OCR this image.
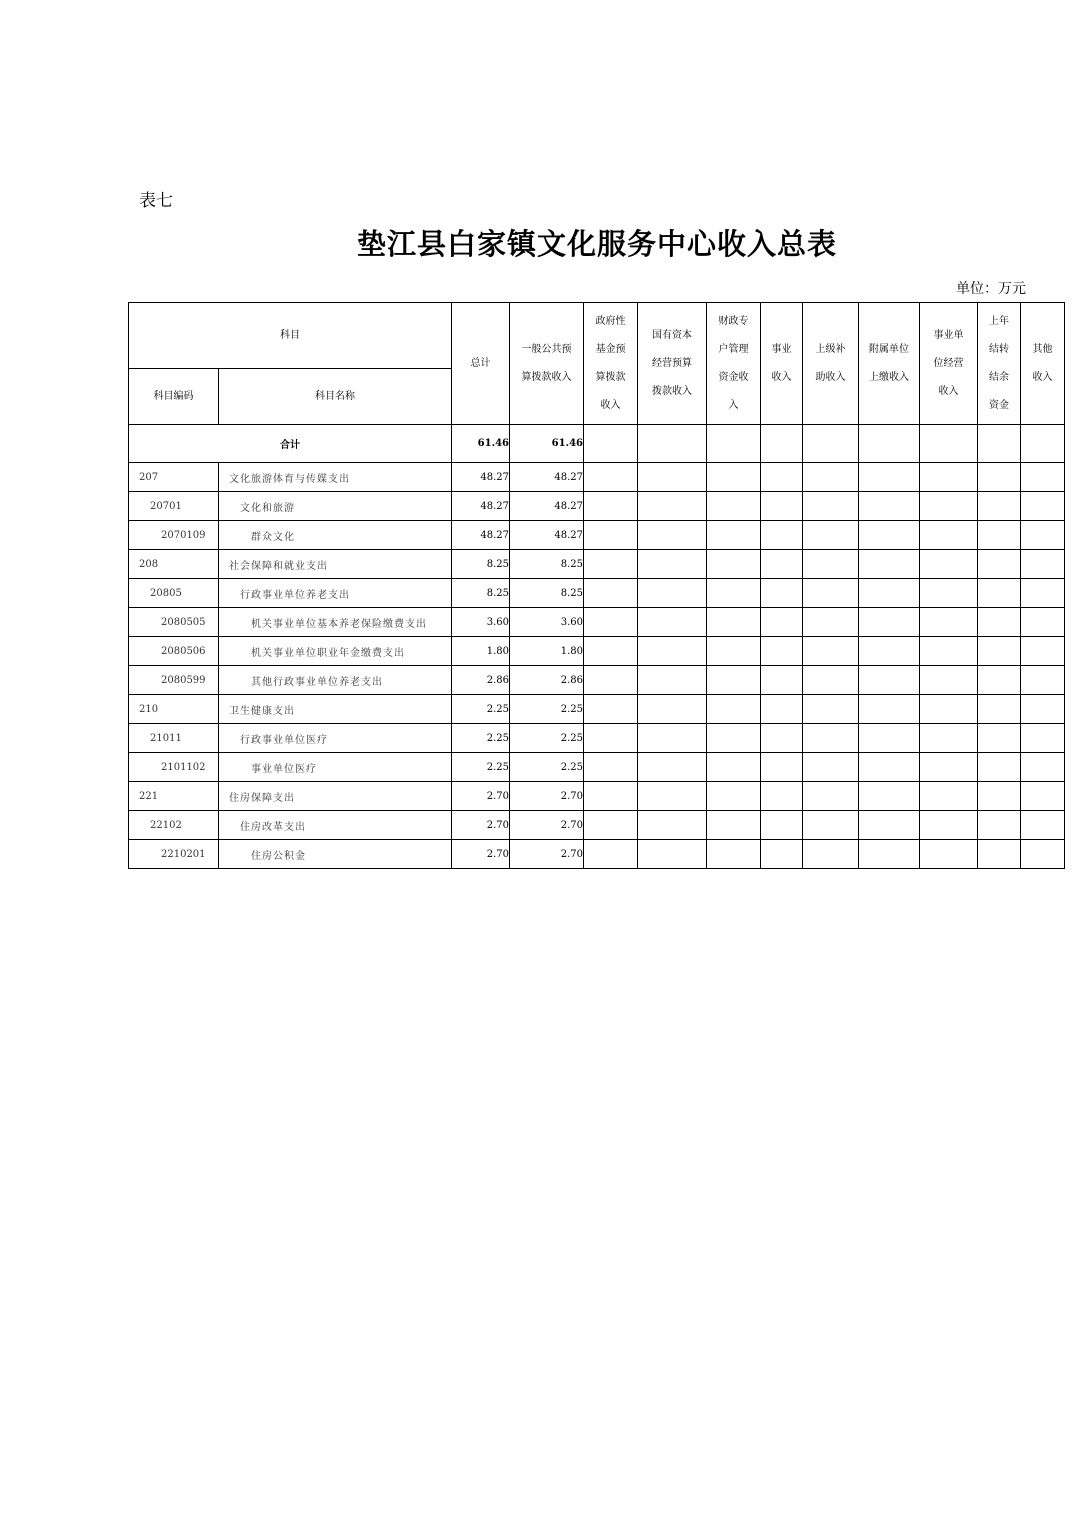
表七
垫江县白家镇文化服务中心收入总表
单位：万元
科目		总计	一般公共预算拨款收入	政府性基金预算拨款收入	国有资本经营预算拨款收入	财政专户管理资金收入	事业收入	上级补助收入	附属单位上缴收入	事业单位经营收入	上年结转结余资金	其他收入
科目编码	科目名称											
合计		61.46	61.46									
207	文化旅游体育与传媒支出	48.27	48.27									
20701	文化和旅游	48.27	48.27									
2070109	群众文化	48.27	48.27									
208	社会保障和就业支出	8.25	8.25									
20805	行政事业单位养老支出	8.25	8.25									
2080505	机关事业单位基本养老保险缴费支出	3.60	3.60									
2080506	机关事业单位职业年金缴费支出	1.80	1.80									
2080599	其他行政事业单位养老支出	2.86	2.86									
210	卫生健康支出	2.25	2.25									
21011	行政事业单位医疗	2.25	2.25									
2101102	事业单位医疗	2.25	2.25									
221	住房保障支出	2.70	2.70									
22102	住房改革支出	2.70	2.70									
2210201	住房公积金	2.70	2.70									
